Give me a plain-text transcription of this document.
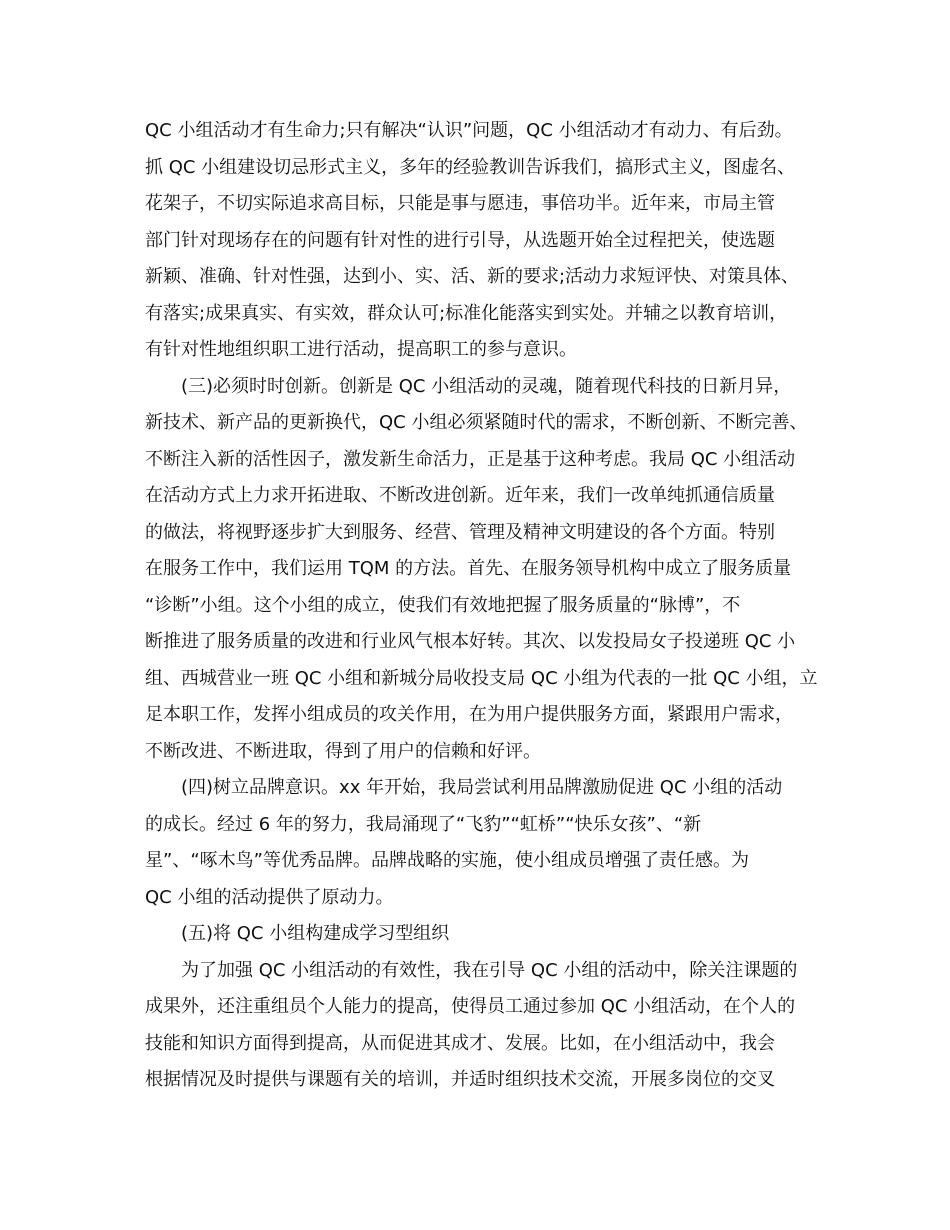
QC 小组活动才有生命力;只有解决“认识”问题，QC 小组活动才有动力、有后劲。
抓 QC 小组建设切忌形式主义，多年的经验教训告诉我们，搞形式主义，图虚名、
花架子，不切实际追求高目标，只能是事与愿违，事倍功半。近年来，市局主管
部门针对现场存在的问题有针对性的进行引导，从选题开始全过程把关，使选题
新颖、准确、针对性强，达到小、实、活、新的要求;活动力求短评快、对策具体、
有落实;成果真实、有实效，群众认可;标准化能落实到实处。并辅之以教育培训，
有针对性地组织职工进行活动，提高职工的参与意识。
(三)必须时时创新。创新是 QC 小组活动的灵魂，随着现代科技的日新月异，
新技术、新产品的更新换代，QC 小组必须紧随时代的需求，不断创新、不断完善、
不断注入新的活性因子，激发新生命活力，正是基于这种考虑。我局 QC 小组活动
在活动方式上力求开拓进取、不断改进创新。近年来，我们一改单纯抓通信质量
的做法，将视野逐步扩大到服务、经营、管理及精神文明建设的各个方面。特别
在服务工作中，我们运用 TQM 的方法。首先、在服务领导机构中成立了服务质量
“诊断”小组。这个小组的成立，使我们有效地把握了服务质量的“脉博”，不
断推进了服务质量的改进和行业风气根本好转。其次、以发投局女子投递班 QC 小
组、西城营业一班 QC 小组和新城分局收投支局 QC 小组为代表的一批 QC 小组，立
足本职工作，发挥小组成员的攻关作用，在为用户提供服务方面，紧跟用户需求，
不断改进、不断进取，得到了用户的信赖和好评。
(四)树立品牌意识。xx 年开始，我局尝试利用品牌激励促进 QC 小组的活动
的成长。经过 6 年的努力，我局涌现了“飞豹”“虹桥”“快乐女孩”、“新
星”、“啄木鸟”等优秀品牌。品牌战略的实施，使小组成员增强了责任感。为
QC 小组的活动提供了原动力。
(五)将 QC 小组构建成学习型组织
为了加强 QC 小组活动的有效性，我在引导 QC 小组的活动中，除关注课题的
成果外，还注重组员个人能力的提高，使得员工通过参加 QC 小组活动，在个人的
技能和知识方面得到提高，从而促进其成才、发展。比如，在小组活动中，我会
根据情况及时提供与课题有关的培训，并适时组织技术交流，开展多岗位的交叉
